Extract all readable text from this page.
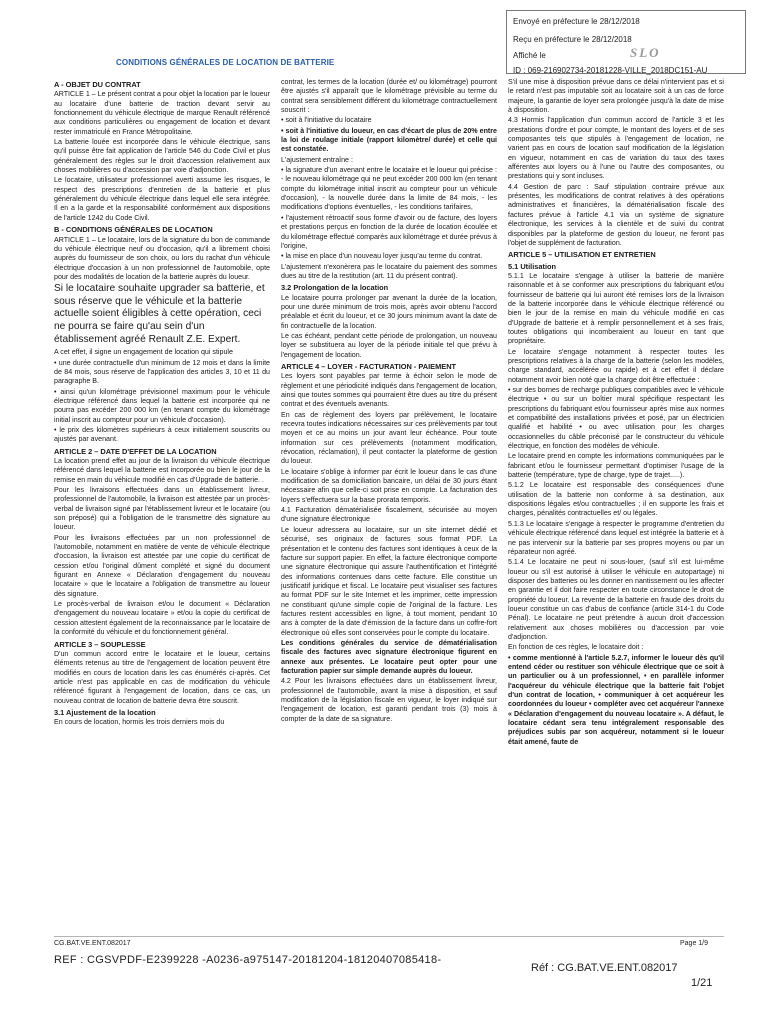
Envoyé en préfecture le 28/12/2018
Reçu en préfecture le 28/12/2018
Affiché le
ID : 069-216902734-20181228-VILLE_2018DC151-AU
SLO
CONDITIONS GÉNÉRALES DE LOCATION DE BATTERIE
A - OBJET DU CONTRAT

ARTICLE 1 – Le présent contrat a pour objet la location par le loueur au locataire d'une batterie de traction devant servir au fonctionnement du véhicule électrique de marque Renault référencé aux conditions particulières ou engagement de location et devant rester immatriculé en France Métropolitaine.

La batterie louée est incorporée dans le véhicule électrique, sans qu'il puisse être fait application de l'article 546 du Code Civil et plus généralement des règles sur le droit d'accession relativement aux choses mobilières ou d'accession par voie d'adjonction.

Le locataire, utilisateur professionnel averti assume les risques, le respect des prescriptions d'entretien de la batterie et plus généralement du véhicule électrique dans lequel elle sera intégrée. Il en a la garde et la responsabilité conformément aux dispositions de l'article 1242 du Code Civil.

B - CONDITIONS GÉNÉRALES DE LOCATION

ARTICLE 1 – Le locataire, lors de la signature du bon de commande du véhicule électrique neuf ou d'occasion, qu'il a librement choisi auprès du fournisseur de son choix, ou lors du rachat d'un véhicule électrique d'occasion à un non professionnel de l'automobile, opte pour des modalités de location de la batterie auprès du loueur.

Si le locataire souhaite upgrader sa batterie, et sous réserve que le véhicule et la batterie actuelle soient éligibles à cette opération, ceci ne pourra se faire qu'au sein d'un établissement agréé Renault Z.E. Expert.

A cet effet, il signe un engagement de location qui stipule

• une durée contractuelle d'un minimum de 12 mois et dans la limite de 84 mois, sous réserve de l'application des articles 3, 10 et 11 du paragraphe B.

• ainsi qu'un kilométrage prévisionnel maximum pour le véhicule électrique référencé dans lequel la batterie est incorporée qui ne pourra pas excéder 200 000 km (en tenant compte du kilométrage initial inscrit au compteur pour un véhicule d'occasion).

• le prix des kilomètres supérieurs à ceux initialement souscrits ou ajustés par avenant.

ARTICLE 2 – DATE D'EFFET DE LA LOCATION

La location prend effet au jour de la livraison du véhicule électrique référencé dans lequel la batterie est incorporée ou bien le jour de la remise en main du véhicule modifié en cas d'Upgrade de batterie. .

Pour les livraisons effectuées dans un établissement livreur, professionnel de l'automobile, la livraison est attestée par un procès-verbal de livraison signé par l'établissement livreur et le locataire (ou son préposé) qui a l'obligation de le transmettre dès signature au loueur.

Pour les livraisons effectuées par un non professionnel de l'automobile, notamment en matière de vente de véhicule électrique d'occasion, la livraison est attestée par une copie du certificat de cession et/ou l'original dûment complété et signé du document figurant en Annexe « Déclaration d'engagement du nouveau locataire » que le locataire a l'obligation de transmettre au loueur dès signature.

Le procès-verbal de livraison et/ou le document « Déclaration d'engagement du nouveau locataire » et/ou la copie du certificat de cession attestent également de la reconnaissance par le locataire de la conformité du véhicule et du fonctionnement général.

ARTICLE 3 – SOUPLESSE

D'un commun accord entre le locataire et le loueur, certains éléments retenus au titre de l'engagement de location peuvent être modifiés en cours de location dans les cas énumérés ci-après. Cet article n'est pas applicable en cas de modification du véhicule référencé figurant à l'engagement de location, dans ce cas, un nouveau contrat de location de batterie devra être souscrit.

3.1 Ajustement de la location

En cours de location, hormis les trois derniers mois du

contrat, les termes de la location (durée et/ ou kilométrage) pourront être ajustés s'il apparaît que le kilométrage prévisible au terme du contrat sera sensiblement différent du kilométrage contractuellement souscrit :

• soit à l'initiative du locataire

• soit à l'initiative du loueur, en cas d'écart de plus de 20% entre la loi de roulage initiale (rapport kilomètre/ durée) et celle qui est constatée.

L'ajustement entraîne :

• la signature d'un avenant entre le locataire et le loueur qui précise : - le nouveau kilométrage qui ne peut excéder 200 000 km (en tenant compte du kilométrage initial inscrit au compteur pour un véhicule d'occasion), - la nouvelle durée dans la limite de 84 mois, - les modifications d'options éventuelles, - les conditions tarifaires,

• l'ajustement rétroactif sous forme d'avoir ou de facture, des loyers et prestations perçus en fonction de la durée de location écoulée et du kilométrage effectué comparés aux kilométrage et durée prévus à l'origine,

• la mise en place d'un nouveau loyer jusqu'au terme du contrat.

L'ajustement n'exonèrera pas le locataire du paiement des sommes dues au titre de la restitution (art. 11 du présent contrat).

3.2 Prolongation de la location

Le locataire pourra prolonger par avenant la durée de la location, pour une durée minimum de trois mois, après avoir obtenu l'accord préalable et écrit du loueur, et ce 30 jours minimum avant la date de fin contractuelle de la location.

Le cas échéant, pendant cette période de prolongation, un nouveau loyer se substituera au loyer de la période initiale tel que prévu à l'engagement de location.

ARTICLE 4 – LOYER - FACTURATION - PAIEMENT

Les loyers sont payables par terme à échoir selon le mode de règlement et une périodicité indiqués dans l'engagement de location, ainsi que toutes sommes qui pourraient être dues au titre du présent contrat et des éventuels avenants.

En cas de règlement des loyers par prélèvement, le locataire recevra toutes indications nécessaires sur ces prélèvements par tout moyen et ce au moins un jour avant leur échéance. Pour toute information sur ces prélèvements (notamment modification, révocation, réclamation), il peut contacter la plateforme de gestion du loueur.

Le locataire s'oblige à informer par écrit le loueur dans le cas d'une modification de sa domiciliation bancaire, un délai de 30 jours étant nécessaire afin que celle-ci soit prise en compte. La facturation des loyers s'effectuera sur la base prorata temporis.

4.1 Facturation dématérialisée fiscalement, sécurisée au moyen d'une signature électronique

Le loueur adressera au locataire, sur un site internet dédié et sécurisé, ses originaux de factures sous format PDF. La présentation et le contenu des factures sont identiques à ceux de la facture sur support papier. En effet, la facture électronique comporte une signature électronique qui assure l'authentification et l'intégrité des informations contenues dans cette facture. Elle constitue un justificatif juridique et fiscal. Le locataire peut visualiser ses factures au format PDF sur le site Internet et les imprimer, cette impression ne constituant qu'une simple copie de l'original de la facture. Les factures restent accessibles en ligne, à tout moment, pendant 10 ans à compter de la date d'émission de la facture dans un coffre-fort électronique où elles sont conservées pour le compte du locataire.

Les conditions générales du service de dématérialisation fiscale des factures avec signature électronique figurent en annexe aux présentes. Le locataire peut opter pour une facturation papier sur simple demande auprès du loueur.

4.2 Pour les livraisons effectuées dans un établissement livreur, professionnel de l'automobile, avant la mise à disposition, et sauf modification de la législation fiscale en vigueur, le loyer indiqué sur l'engagement de location, est garanti pendant trois (3) mois à compter de la date de sa signature.

S'il une mise à disposition prévue dans ce délai n'intervient pas et si le retard n'est pas imputable soit au locataire soit à un cas de force majeure, la garantie de loyer sera prolongée jusqu'à la date de mise à disposition.

4.3 Hormis l'application d'un commun accord de l'article 3 et les prestations d'ordre et pour compte, le montant des loyers et de ses composantes tels que stipulés à l'engagement de location, ne varient pas en cours de location sauf modification de la législation en vigueur, notamment en cas de variation du taux des taxes afférentes aux loyers ou à l'une ou l'autre des composantes, ou prestations qui y sont incluses.

4.4 Gestion de parc : Sauf stipulation contraire prévue aux présentes, les modifications de contrat relatives à des opérations administratives et financières, la dématérialisation fiscale des factures prévue à l'article 4.1 via un système de signature électronique, les services à la clientèle et de suivi du contrat disponibles par la plateforme de gestion du loueur, ne feront pas l'objet de supplément de facturation.

ARTICLE 5 – UTILISATION ET ENTRETIEN
5.1 Utilisation

5.1.1 Le locataire s'engage à utiliser la batterie de manière raisonnable et à se conformer aux prescriptions du fabriquant et/ou fournisseur de batterie qui lui auront été remises lors de la livraison de la batterie incorporée dans le véhicule électrique référencé ou bien le jour de la remise en main du véhicule modifié en cas d'Upgrade de batterie et à remplir personnellement et à ses frais, toutes obligations qui incomberaient au loueur en tant que propriétaire.

Le locataire s'engage notamment à respecter toutes les prescriptions relatives à la charge de la batterie (selon les modèles, charge standard, accélérée ou rapide) et à cet effet il déclare notamment avoir bien noté que la charge doit être effectuée :

• sur des bornes de recharge publiques compatibles avec le véhicule électrique • ou sur un boîtier mural spécifique respectant les prescriptions du fabriquant et/ou fournisseur après mise aux normes et compatibilité des installations privées et posé, par un électricien qualifié et habilité • ou avec utilisation pour les charges occasionnelles du câble préconisé par le constructeur du véhicule électrique, en fonction des modèles de véhicule.

Le locataire prend en compte les informations communiquées par le fabricant et/ou le fournisseur permettant d'optimiser l'usage de la batterie (température, type de charge, type de trajet.....).

5.1.2 Le locataire est responsable des conséquences d'une utilisation de la batterie non conforme à sa destination, aux dispositions légales et/ou contractuelles ; il en supporte les frais et charges, pénalités contractuelles et/ ou légales.

5.1.3 Le locataire s'engage à respecter le programme d'entretien du véhicule électrique référencé dans lequel est intégrée la batterie et à ne pas intervenir sur la batterie par ses propres moyens ou par un réparateur non agréé.

5.1.4 Le locataire ne peut ni sous-louer, (sauf s'il est lui-même loueur ou s'il est autorisé à utiliser le véhicule en autopartage) ni disposer des batteries ou les donner en nantissement ou les affecter en garantie et il doit faire respecter en toute circonstance le droit de propriété du loueur. La revente de la batterie en fraude des droits du loueur constitue un cas d'abus de confiance (article 314-1 du Code Pénal). Le locataire ne peut prétendre à aucun droit d'accession relativement aux choses mobilières ou d'accession par voie d'adjonction.

En fonction de ces règles, le locataire doit :

• comme mentionné à l'article 5.2.7, informer le loueur dès qu'il entend céder ou restituer son véhicule électrique que ce soit à un particulier ou à un professionnel, • en parallèle informer l'acquéreur du véhicule électrique que la batterie fait l'objet d'un contrat de location, • communiquer à cet acquéreur les coordonnées du loueur • compléter avec cet acquéreur l'annexe « Déclaration d'engagement du nouveau locataire ». A défaut, le locataire cédant sera tenu intégralement responsable des préjudices subis par son acquéreur, notamment si le loueur était amené, faute de

CG.BAT.VE.ENT.082017	Page 1/9
REF : CGSVPDF-E2399228 -A0236-a975147-20181204-18120407085418-
Réf : CG.BAT.VE.ENT.082017
1/21
